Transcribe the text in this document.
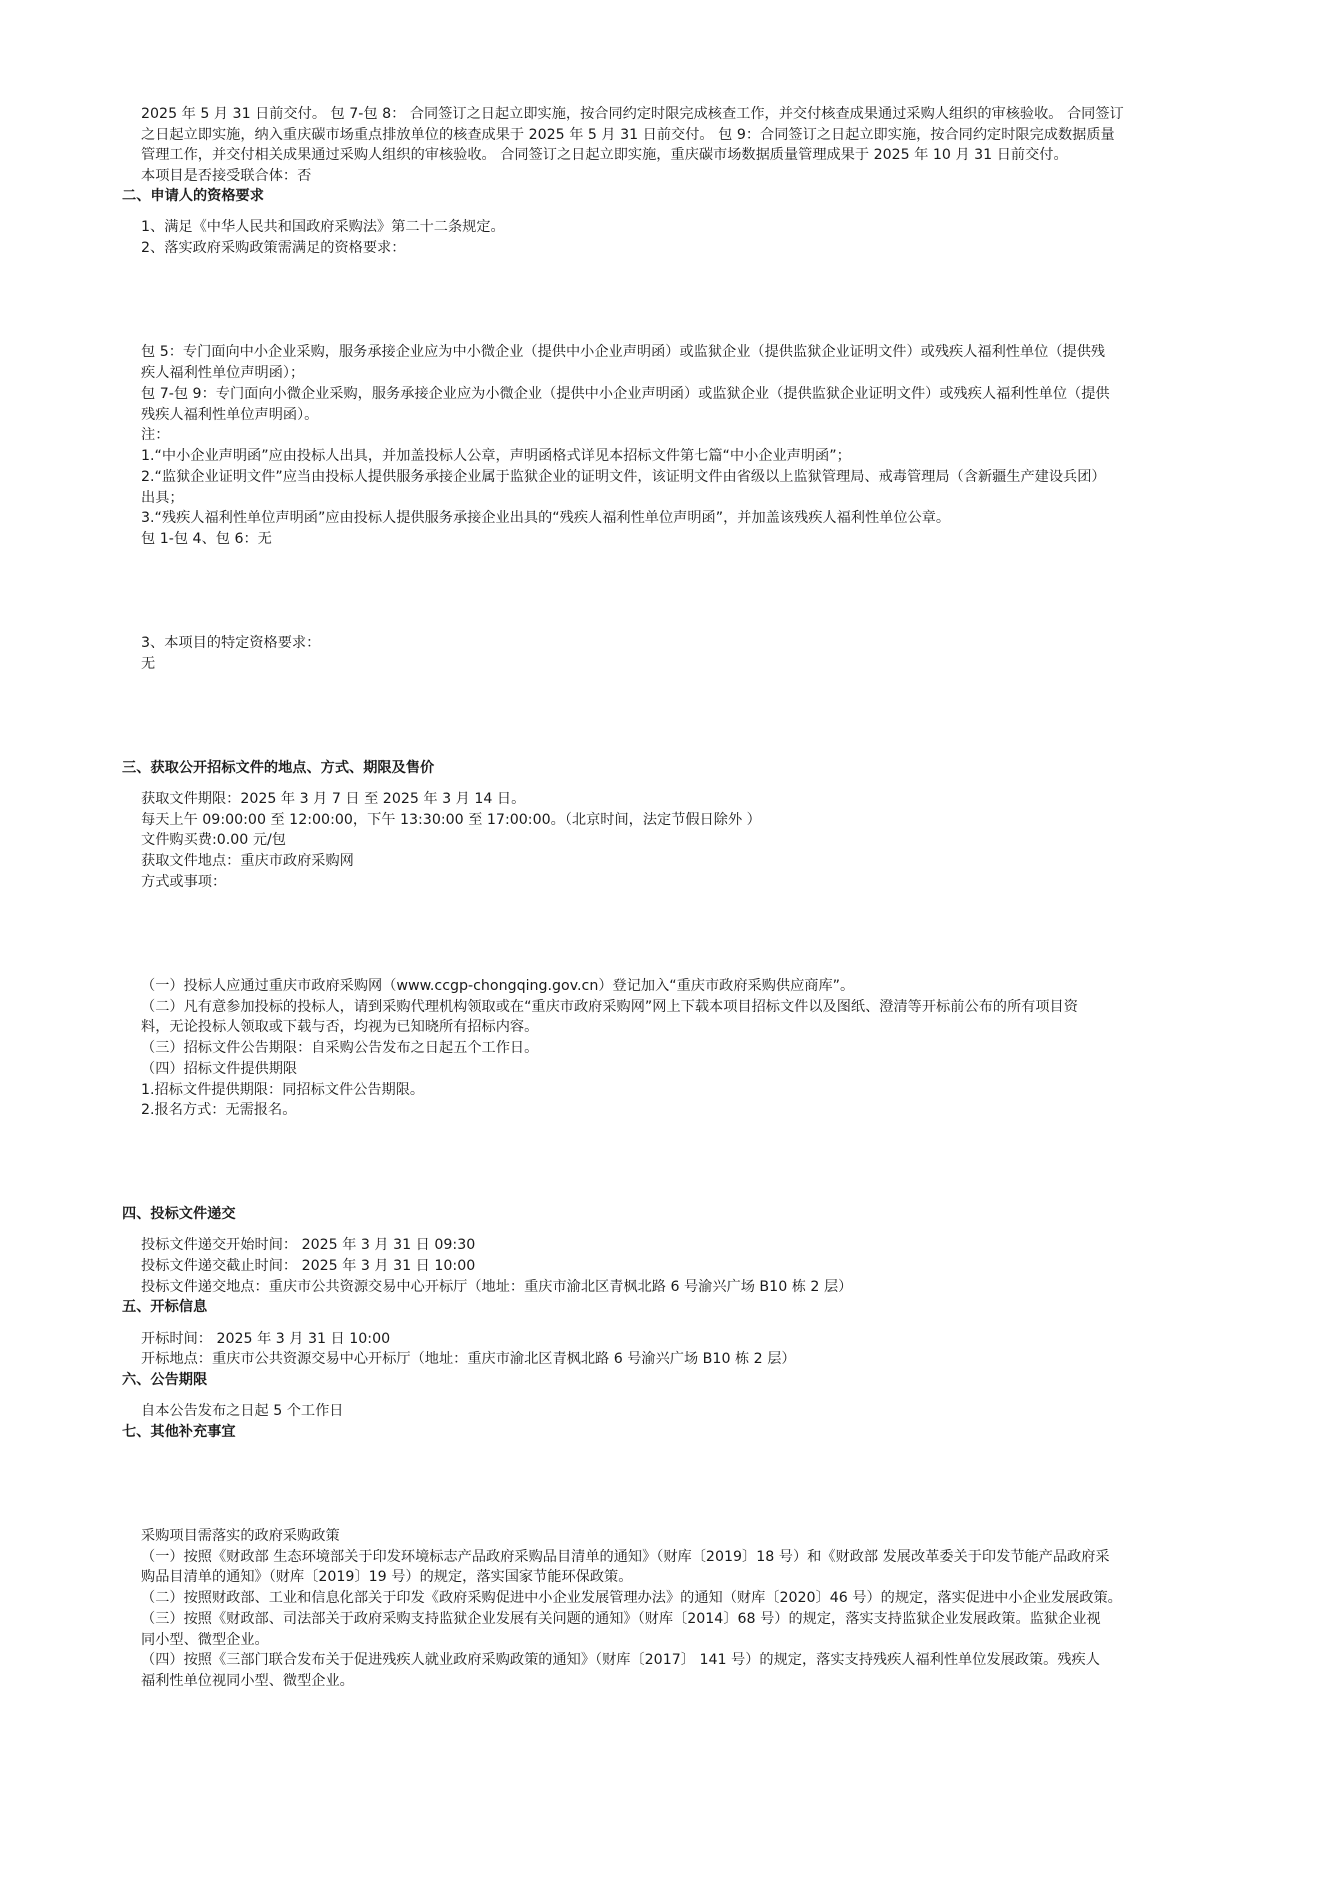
2025 年 5 月 31 日前交付。 包 7-包 8： 合同签订之日起立即实施，按合同约定时限完成核查工作，并交付核查成果通过采购人组织的审核验收。 合同签订
之日起立即实施，纳入重庆碳市场重点排放单位的核查成果于 2025 年 5 月 31 日前交付。 包 9：合同签订之日起立即实施，按合同约定时限完成数据质量
管理工作，并交付相关成果通过采购人组织的审核验收。 合同签订之日起立即实施，重庆碳市场数据质量管理成果于 2025 年 10 月 31 日前交付。
本项目是否接受联合体：否
二、申请人的资格要求
1、满足《中华人民共和国政府采购法》第二十二条规定。
2、落实政府采购政策需满足的资格要求：
包 5：专门面向中小企业采购，服务承接企业应为中小微企业（提供中小企业声明函）或监狱企业（提供监狱企业证明文件）或残疾人福利性单位（提供残
疾人福利性单位声明函）；
包 7-包 9：专门面向小微企业采购，服务承接企业应为小微企业（提供中小企业声明函）或监狱企业（提供监狱企业证明文件）或残疾人福利性单位（提供
残疾人福利性单位声明函）。
注：
1.“中小企业声明函”应由投标人出具，并加盖投标人公章，声明函格式详见本招标文件第七篇“中小企业声明函”；
2.“监狱企业证明文件”应当由投标人提供服务承接企业属于监狱企业的证明文件，该证明文件由省级以上监狱管理局、戒毒管理局（含新疆生产建设兵团）
出具；
3.“残疾人福利性单位声明函”应由投标人提供服务承接企业出具的“残疾人福利性单位声明函”，并加盖该残疾人福利性单位公章。
包 1-包 4、包 6：无
3、本项目的特定资格要求：
无
三、获取公开招标文件的地点、方式、期限及售价
获取文件期限：2025 年 3 月 7 日 至 2025 年 3 月 14 日。
每天上午 09:00:00 至 12:00:00，下午 13:30:00 至 17:00:00。（北京时间，法定节假日除外 ）
文件购买费:0.00 元/包
获取文件地点：重庆市政府采购网
方式或事项：
（一）投标人应通过重庆市政府采购网（www.ccgp-chongqing.gov.cn）登记加入“重庆市政府采购供应商库”。
（二）凡有意参加投标的投标人，请到采购代理机构领取或在“重庆市政府采购网”网上下载本项目招标文件以及图纸、澄清等开标前公布的所有项目资
料，无论投标人领取或下载与否，均视为已知晓所有招标内容。
（三）招标文件公告期限：自采购公告发布之日起五个工作日。
（四）招标文件提供期限
1.招标文件提供期限：同招标文件公告期限。
2.报名方式：无需报名。
四、投标文件递交
投标文件递交开始时间： 2025 年 3 月 31 日 09:30
投标文件递交截止时间： 2025 年 3 月 31 日 10:00
投标文件递交地点：重庆市公共资源交易中心开标厅（地址：重庆市渝北区青枫北路 6 号渝兴广场 B10 栋 2 层）
五、开标信息
开标时间： 2025 年 3 月 31 日 10:00
开标地点：重庆市公共资源交易中心开标厅（地址：重庆市渝北区青枫北路 6 号渝兴广场 B10 栋 2 层）
六、公告期限
自本公告发布之日起 5 个工作日
七、其他补充事宜
采购项目需落实的政府采购政策
（一）按照《财政部 生态环境部关于印发环境标志产品政府采购品目清单的通知》（财库〔2019〕18 号）和《财政部 发展改革委关于印发节能产品政府采
购品目清单的通知》（财库〔2019〕19 号）的规定，落实国家节能环保政策。
（二）按照财政部、工业和信息化部关于印发《政府采购促进中小企业发展管理办法》的通知（财库〔2020〕46 号）的规定，落实促进中小企业发展政策。
（三）按照《财政部、司法部关于政府采购支持监狱企业发展有关问题的通知》（财库〔2014〕68 号）的规定，落实支持监狱企业发展政策。监狱企业视
同小型、微型企业。
（四）按照《三部门联合发布关于促进残疾人就业政府采购政策的通知》（财库〔2017〕 141 号）的规定，落实支持残疾人福利性单位发展政策。残疾人
福利性单位视同小型、微型企业。
